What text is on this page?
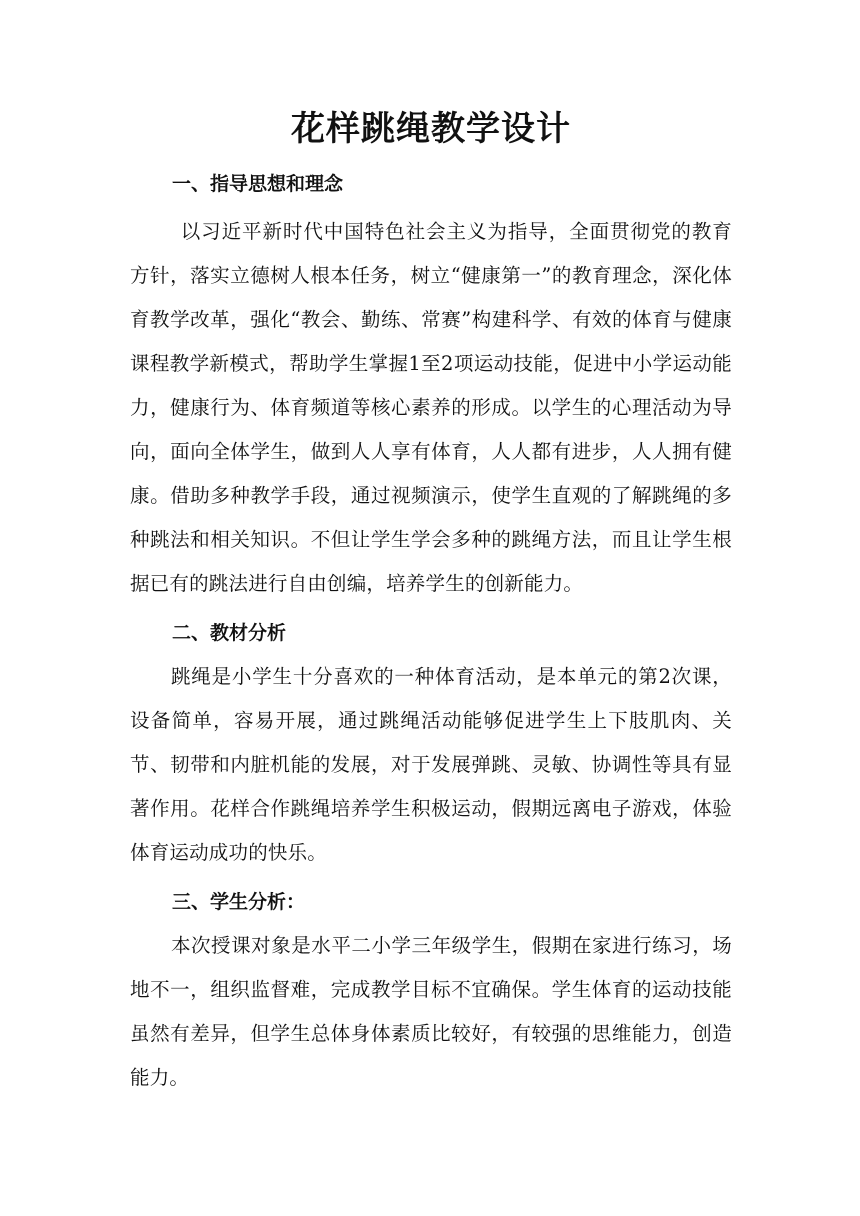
花样跳绳教学设计
一、指导思想和理念

以习近平新时代中国特色社会主义为指导，全面贯彻党的教育方针，落实立德树人根本任务，树立“健康第一”的教育理念，深化体育教学改革，强化“教会、勤练、常赛”构建科学、有效的体育与健康课程教学新模式，帮助学生掌握1至2项运动技能，促进中小学运动能力，健康行为、体育频道等核心素养的形成。以学生的心理活动为导向，面向全体学生，做到人人享有体育，人人都有进步，人人拥有健康。借助多种教学手段，通过视频演示，使学生直观的了解跳绳的多种跳法和相关知识。不但让学生学会多种的跳绳方法，而且让学生根据已有的跳法进行自由创编，培养学生的创新能力。

二、教材分析

跳绳是小学生十分喜欢的一种体育活动，是本单元的第2次课，设备简单，容易开展，通过跳绳活动能够促进学生上下肢肌肉、关节、韧带和内脏机能的发展，对于发展弹跳、灵敏、协调性等具有显著作用。花样合作跳绳培养学生积极运动，假期远离电子游戏，体验体育运动成功的快乐。

三、学生分析：

本次授课对象是水平二小学三年级学生，假期在家进行练习，场地不一，组织监督难，完成教学目标不宜确保。学生体育的运动技能虽然有差异，但学生总体身体素质比较好，有较强的思维能力，创造能力。
